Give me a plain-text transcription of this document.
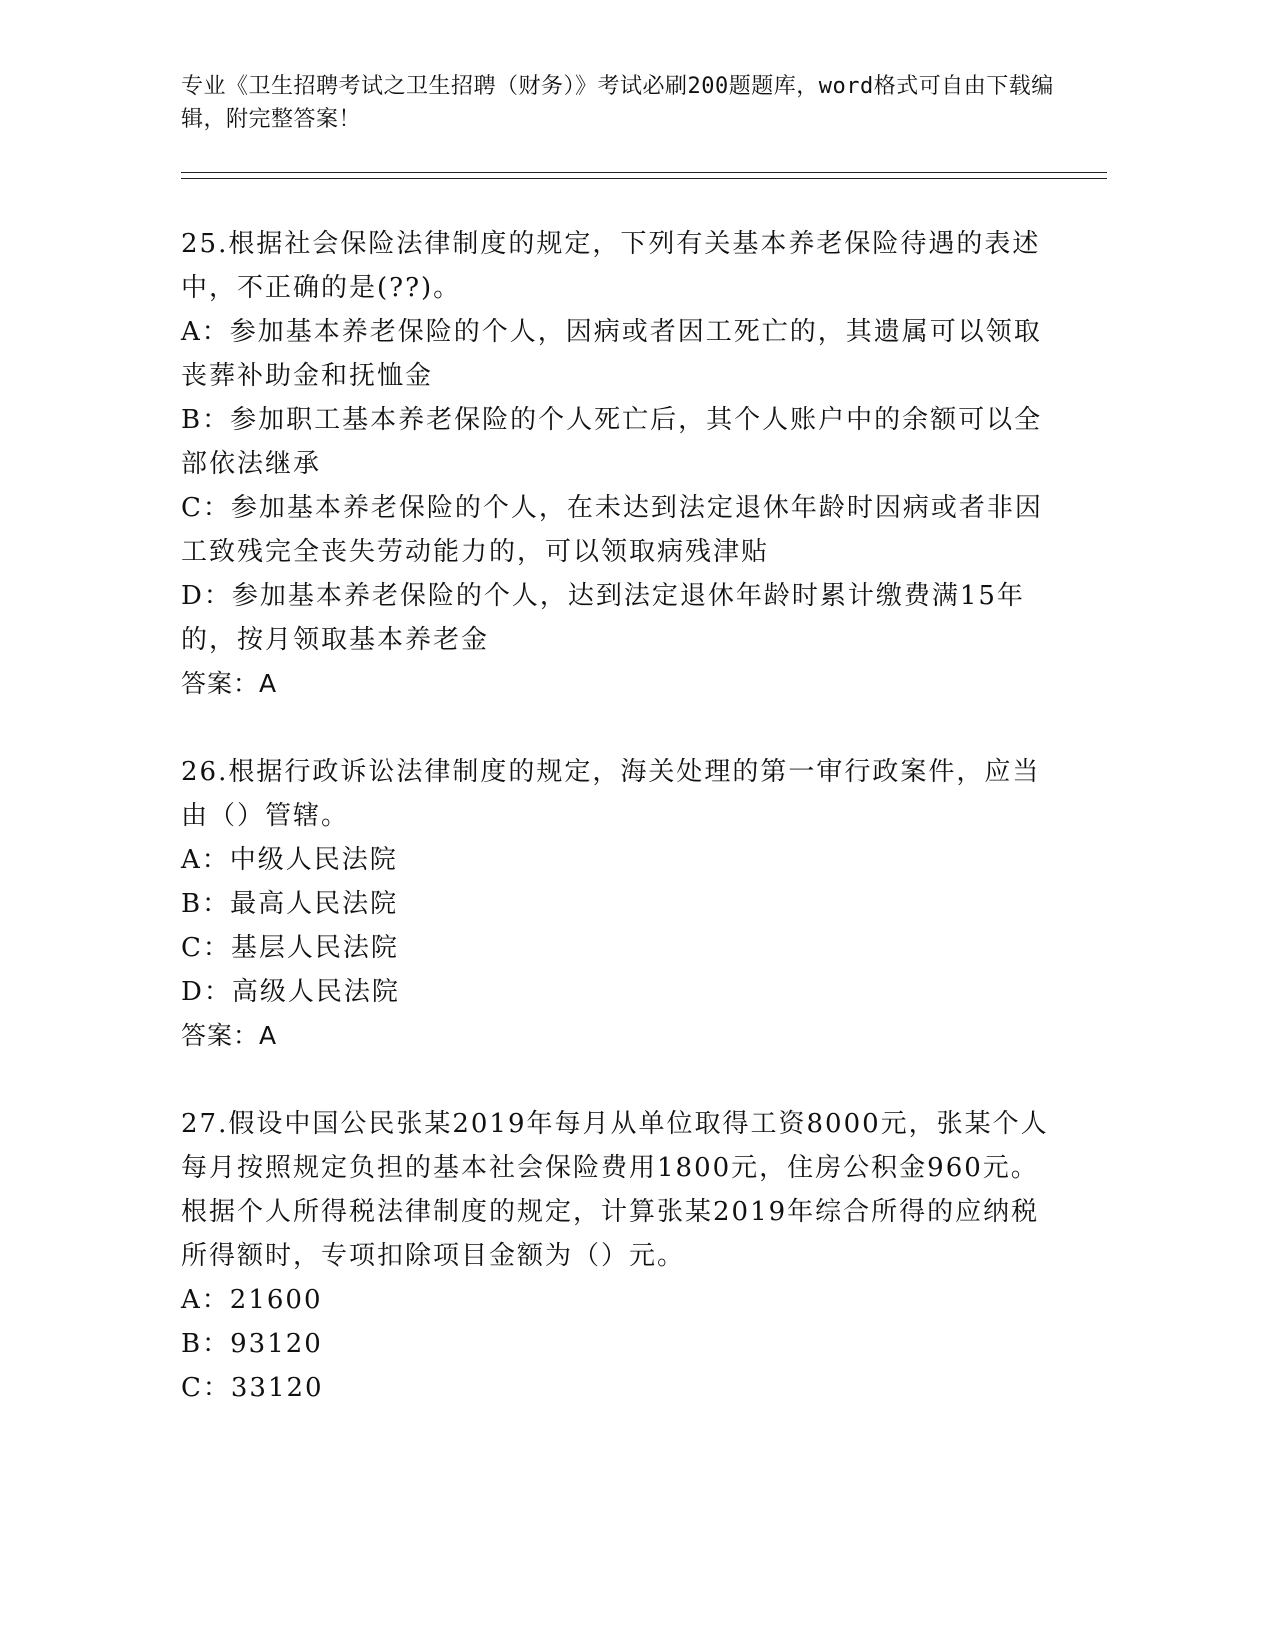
专业《卫生招聘考试之卫生招聘（财务）》考试必刷200题题库，word格式可自由下载编辑，附完整答案！
25.根据社会保险法律制度的规定，下列有关基本养老保险待遇的表述中，不正确的是(??)。
A：参加基本养老保险的个人，因病或者因工死亡的，其遗属可以领取丧葬补助金和抚恤金
B：参加职工基本养老保险的个人死亡后，其个人账户中的余额可以全部依法继承
C：参加基本养老保险的个人，在未达到法定退休年龄时因病或者非因工致残完全丧失劳动能力的，可以领取病残津贴
D：参加基本养老保险的个人，达到法定退休年龄时累计缴费满15年的，按月领取基本养老金
答案：A
26.根据行政诉讼法律制度的规定，海关处理的第一审行政案件，应当由（）管辖。
A：中级人民法院
B：最高人民法院
C：基层人民法院
D：高级人民法院
答案：A
27.假设中国公民张某2019年每月从单位取得工资8000元，张某个人每月按照规定负担的基本社会保险费用1800元，住房公积金960元。根据个人所得税法律制度的规定，计算张某2019年综合所得的应纳税所得额时，专项扣除项目金额为（）元。
A：21600
B：93120
C：33120
